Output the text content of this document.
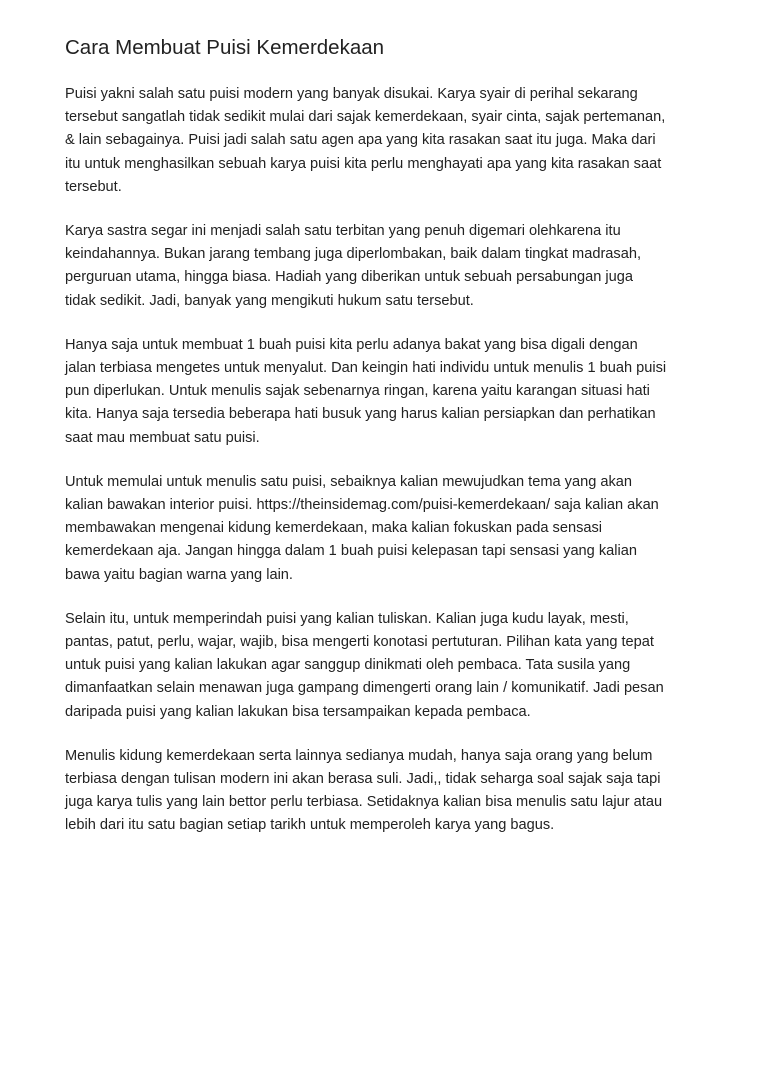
Cara Membuat Puisi Kemerdekaan

Puisi yakni salah satu puisi modern yang banyak disukai. Karya syair di perihal sekarang
tersebut sangatlah tidak sedikit mulai dari sajak kemerdekaan, syair cinta, sajak pertemanan,
& lain sebagainya. Puisi jadi salah satu agen apa yang kita rasakan saat itu juga. Maka dari
itu untuk menghasilkan sebuah karya puisi kita perlu menghayati apa yang kita rasakan saat
tersebut.

Karya sastra segar ini menjadi salah satu terbitan yang penuh digemari olehkarena itu
keindahannya. Bukan jarang tembang juga diperlombakan, baik dalam tingkat madrasah,
perguruan utama, hingga biasa. Hadiah yang diberikan untuk sebuah persabungan juga
tidak sedikit. Jadi, banyak yang mengikuti hukum satu tersebut.

Hanya saja untuk membuat 1 buah puisi kita perlu adanya bakat yang bisa digali dengan
jalan terbiasa mengetes untuk menyalut. Dan keingin hati individu untuk menulis 1 buah puisi
pun diperlukan. Untuk menulis sajak sebenarnya ringan, karena yaitu karangan situasi hati
kita. Hanya saja tersedia beberapa hati busuk yang harus kalian persiapkan dan perhatikan
saat mau membuat satu puisi.

Untuk memulai untuk menulis satu puisi, sebaiknya kalian mewujudkan tema yang akan
kalian bawakan interior puisi. https://theinsidemag.com/puisi-kemerdekaan/ saja kalian akan
membawakan mengenai kidung kemerdekaan, maka kalian fokuskan pada sensasi
kemerdekaan aja. Jangan hingga dalam 1 buah puisi kelepasan tapi sensasi yang kalian
bawa yaitu bagian warna yang lain.

Selain itu, untuk memperindah puisi yang kalian tuliskan. Kalian juga kudu layak, mesti,
pantas, patut, perlu, wajar, wajib, bisa mengerti konotasi pertuturan. Pilihan kata yang tepat
untuk puisi yang kalian lakukan agar sanggup dinikmati oleh pembaca. Tata susila yang
dimanfaatkan selain menawan juga gampang dimengerti orang lain / komunikatif. Jadi pesan
daripada puisi yang kalian lakukan bisa tersampaikan kepada pembaca.

Menulis kidung kemerdekaan serta lainnya sedianya mudah, hanya saja orang yang belum
terbiasa dengan tulisan modern ini akan berasa suli. Jadi,, tidak seharga soal sajak saja tapi
juga karya tulis yang lain bettor perlu terbiasa. Setidaknya kalian bisa menulis satu lajur atau
lebih dari itu satu bagian setiap tarikh untuk memperoleh karya yang bagus.
